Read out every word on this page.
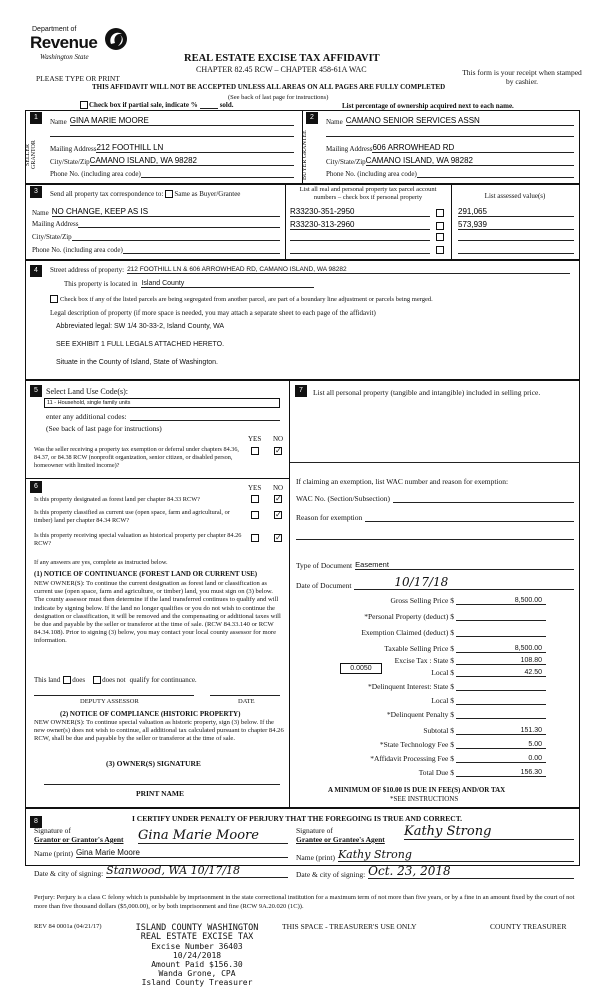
Department of
Revenue
Washington State	REAL ESTATE EXCISE TAX AFFIDAVIT
CHAPTER 82.45 RCW – CHAPTER 458-61A WAC
PLEASE TYPE OR PRINT
This form is your receipt when stamped by cashier.
THIS AFFIDAVIT WILL NOT BE ACCEPTED UNLESS ALL AREAS ON ALL PAGES ARE FULLY COMPLETED
(See back of last page for instructions)
Check box if partial sale, indicate %	sold.	List percentage of ownership acquired next to each name.
1
SELLER GRANTOR
Name GINA MARIE MOORE
Mailing Address 212 FOOTHILL LN
City/State/Zip CAMANO ISLAND, WA 98282
Phone No. (including area code)
2
BUYER GRANTEE
Name CAMANO SENIOR SERVICES ASSN
Mailing Address 606 ARROWHEAD RD
City/State/Zip CAMANO ISLAND, WA 98282
Phone No. (including area code)
3	Send all property tax correspondence to: Same as Buyer/Grantee
Name NO CHANGE, KEEP AS IS
Mailing Address
City/State/Zip
Phone No. (including area code)
List all real and personal property tax parcel account numbers – check box if personal property	List assessed value(s)
R33230-351-2950	291,065
R33230-313-2960	573,939
4	Street address of property: 212 FOOTHILL LN & 606 ARROWHEAD RD, CAMANO ISLAND, WA 98282
This property is located in Island County
Check box if any of the listed parcels are being segregated from another parcel, are part of a boundary line adjustment or parcels being merged.
Legal description of property (if more space is needed, you may attach a separate sheet to each page of the affidavit)
Abbreviated legal: SW 1/4 30-33-2, Island County, WA
SEE EXHIBIT 1 FULL LEGALS ATTACHED HERETO.
Situate in the County of Island, State of Washington.
5	Select Land Use Code(s):
11 - Household, single family units
enter any additional codes:
(See back of last page for instructions)
YES NO
Was the seller receiving a property tax exemption or deferral under chapters 84.36, 84.37, or 84.38 RCW (nonprofit organization, senior citizen, or disabled person, homeowner with limited income)?
✓
6	YES NO
Is this property designated as forest land per chapter 84.33 RCW?	✓
Is this property classified as current use (open space, farm and agricultural, or timber) land per chapter 84.34 RCW?
✓
Is this property receiving special valuation as historical property per chapter 84.26 RCW?
✓
If any answers are yes, complete as instructed below.
(1) NOTICE OF CONTINUANCE (FOREST LAND OR CURRENT USE)
NEW OWNER(S): To continue the current designation as forest land or classification as current use (open space, farm and agriculture, or timber) land, you must sign on (3) below. The county assessor must then determine if the land transferred continues to qualify and will indicate by signing below. If the land no longer qualifies or you do not wish to continue the designation or classification, it will be removed and the compensating or additional taxes will be due and payable by the seller or transferor at the time of sale. (RCW 84.33.140 or RCW 84.34.108). Prior to signing (3) below, you may contact your local county assessor for more information.
This land does does not qualify for continuance.
DEPUTY ASSESSOR	DATE
(2) NOTICE OF COMPLIANCE (HISTORIC PROPERTY)
NEW OWNER(S): To continue special valuation as historic property, sign (3) below. If the new owner(s) does not wish to continue, all additional tax calculated pursuant to chapter 84.26 RCW, shall be due and payable by the seller or transferor at the time of sale.
(3) OWNER(S) SIGNATURE
PRINT NAME
7	List all personal property (tangible and intangible) included in selling price.
If claiming an exemption, list WAC number and reason for exemption:
WAC No. (Section/Subsection)
Reason for exemption
Type of Document Easement
Date of Document	10/17/18
Gross Selling Price $	8,500.00
*Personal Property (deduct) $
Exemption Claimed (deduct) $
Taxable Selling Price $	8,500.00
Excise Tax : State $	108.80
0.0050	Local $	42.50
*Delinquent Interest: State $
Local $
*Delinquent Penalty $
Subtotal $	151.30
*State Technology Fee $	5.00
*Affidavit Processing Fee $	0.00
Total Due $	156.30
A MINIMUM OF $10.00 IS DUE IN FEE(S) AND/OR TAX
*SEE INSTRUCTIONS
8	I CERTIFY UNDER PENALTY OF PERJURY THAT THE FOREGOING IS TRUE AND CORRECT.
Signature of
Grantor or Grantor's Agent Gina Marie Moore
Name (print) Gina Marie Moore
Date & city of signing: Stanwood, WA 10/17/18
Signature of
Grantee or Grantee's Agent
Kathy Strong
Name (print) Kathy Strong
Date & city of signing: Oct. 23, 2018
Perjury: Perjury is a class C felony which is punishable by imprisonment in the state correctional institution for a maximum term of not more than five years, or by a fine in an amount fixed by the court of not more than five thousand dollars ($5,000.00), or by both imprisonment and fine (RCW 9A.20.020 (1C)).
REV 84 0001a (04/21/17)	THIS SPACE - TREASURER'S USE ONLY	COUNTY TREASURER
ISLAND COUNTY WASHINGTON
REAL ESTATE EXCISE TAX
Excise Number 36403
10/24/2018
Amount Paid $156.30
Wanda Grone, CPA
Island County Treasurer
